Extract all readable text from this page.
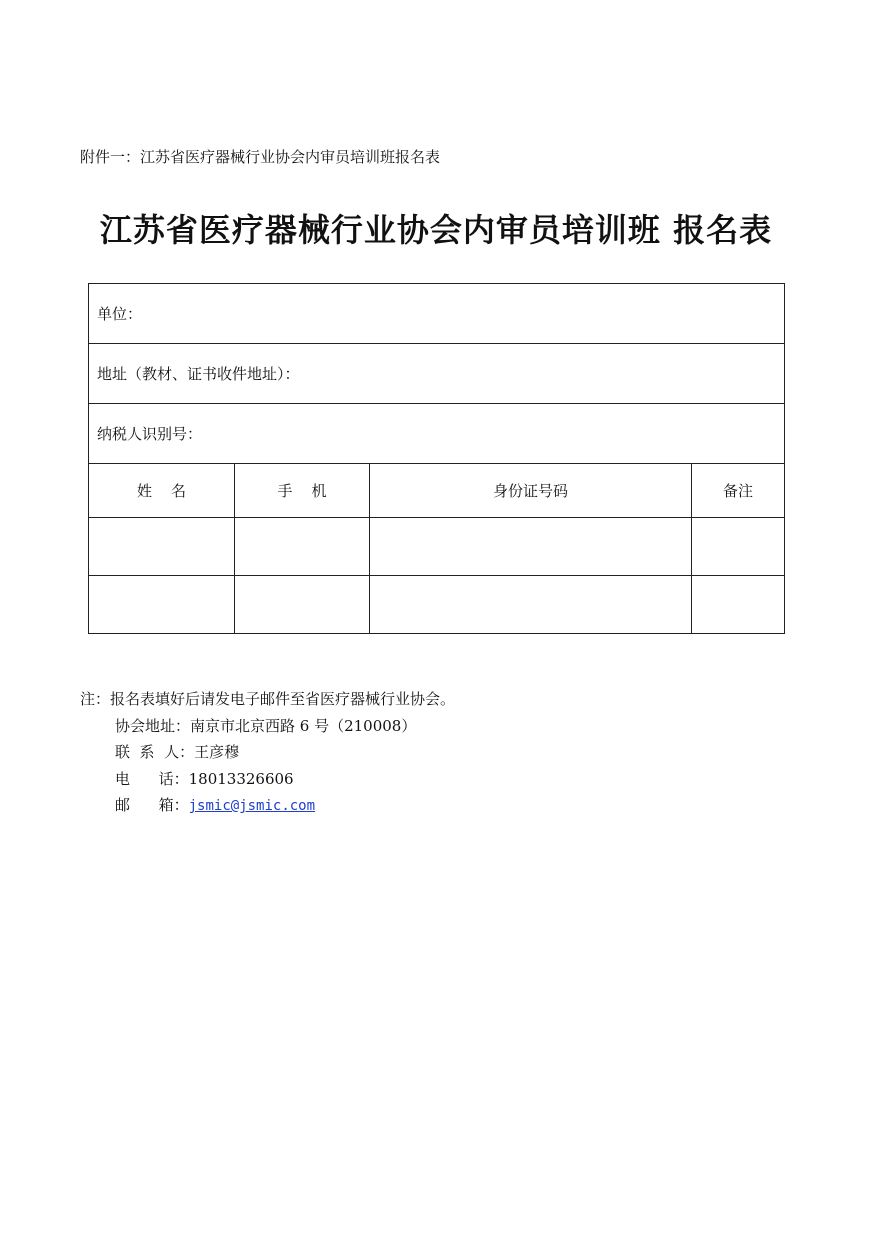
附件一：江苏省医疗器械行业协会内审员培训班报名表
江苏省医疗器械行业协会内审员培训班 报名表
单位：			
地址（教材、证书收件地址）：			
纳税人识别号：			
姓    名	手    机	身份证号码	备注

注：报名表填好后请发电子邮件至省医疗器械行业协会。
协会地址：南京市北京西路 6 号（210008）
联  系  人：王彦穆
电      话：18013326606
邮      箱：jsmic@jsmic.com
